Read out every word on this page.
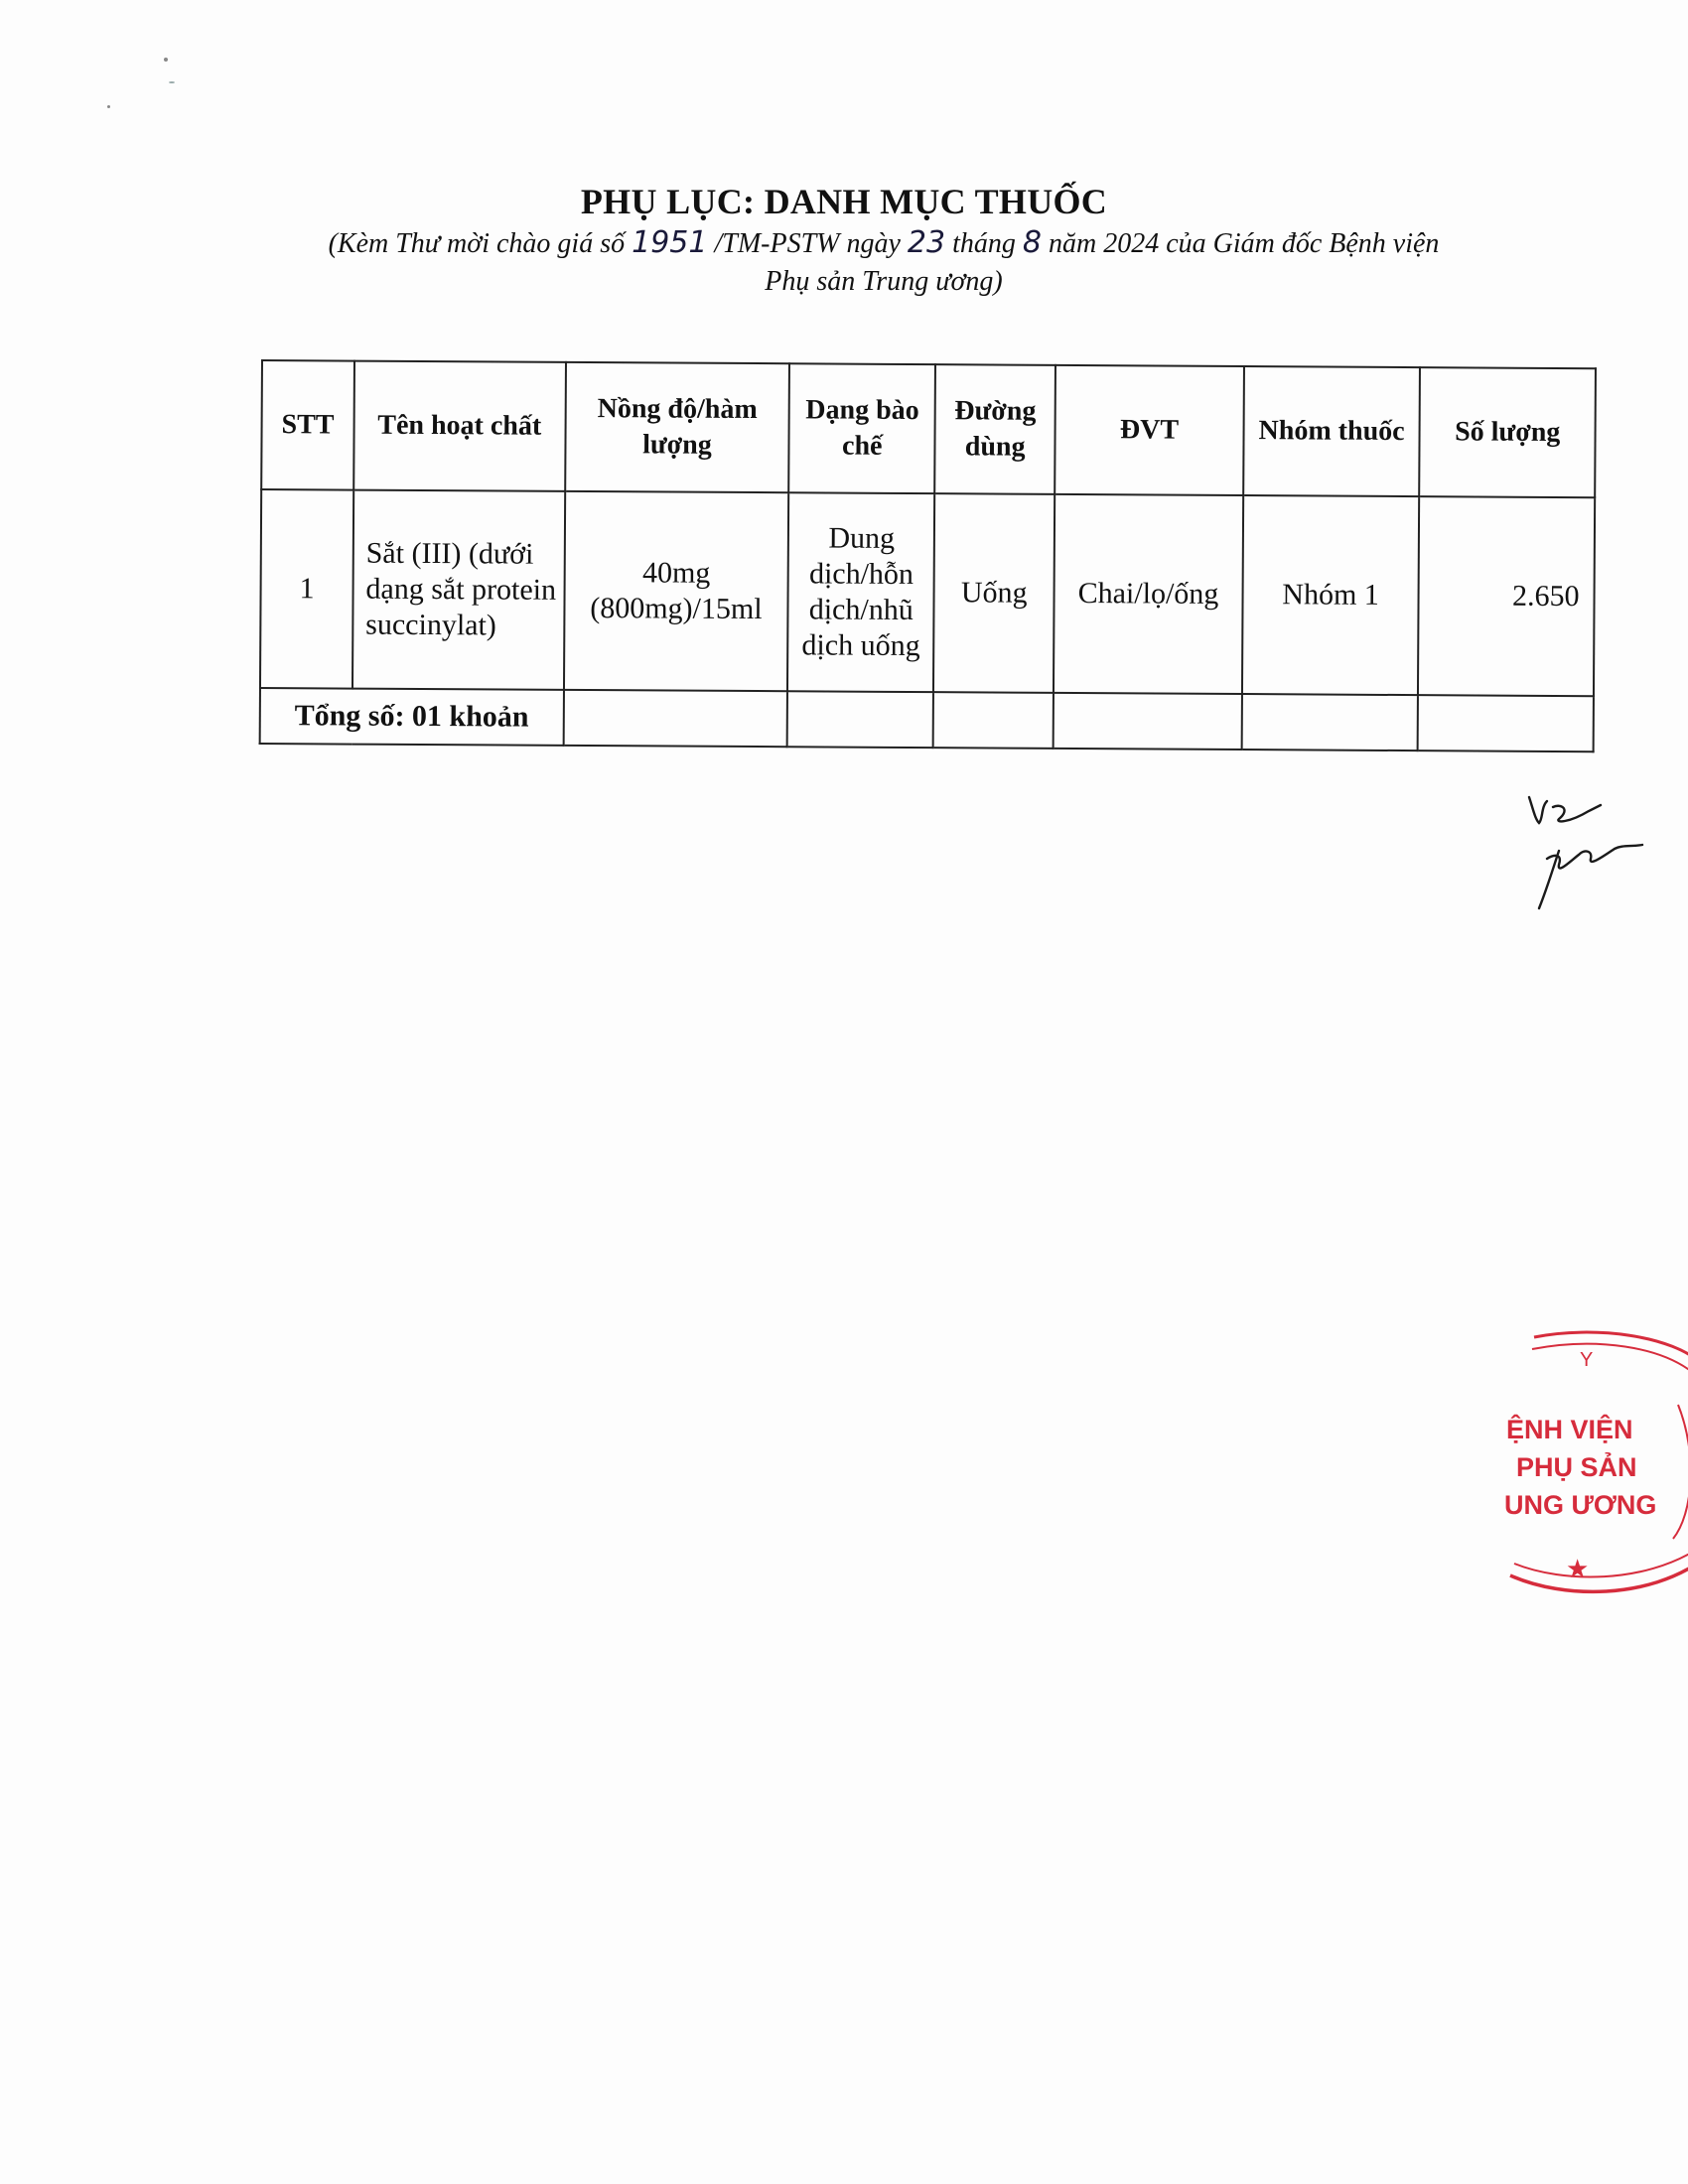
PHỤ LỤC: DANH MỤC THUỐC
(Kèm Thư mời chào giá số 1951 /TM-PSTW ngày 23 tháng 8 năm 2024 của Giám đốc Bệnh viện
Phụ sản Trung ương)
STT	Tên hoạt chất	Nồng độ/hàm lượng	Dạng bào chế	Đường dùng	ĐVT	Nhóm thuốc	Số lượng
1	Sắt (III) (dưới dạng sắt protein succinylat)	40mg (800mg)/15ml	Dung dịch/hỗn dịch/nhũ dịch uống	Uống	Chai/lọ/ống	Nhóm 1	2.650
Tổng số: 01 khoản							
Y
ỆNH VIỆN
PHỤ SẢN
UNG ƯƠNG
★
